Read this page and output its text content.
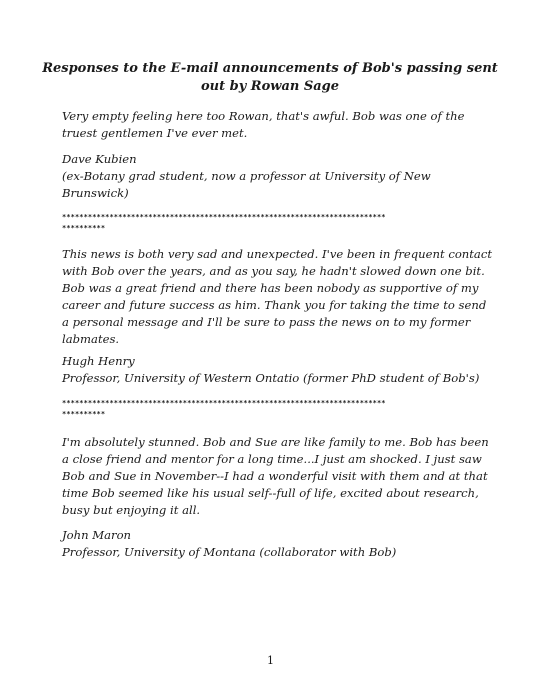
Responses to the E-mail announcements of Bob's passing sent
out by Rowan Sage
Very empty feeling here too Rowan, that's awful. Bob was one of the
truest gentlemen I've ever met.
Dave Kubien
(ex-Botany grad student, now a professor at University of New
Brunswick)
***************************************************************************
**********
This news is both very sad and unexpected. I've been in frequent contact
with Bob over the years, and as you say, he hadn't slowed down one bit.
Bob was a great friend and there has been nobody as supportive of my
career and future success as him. Thank you for taking the time to send
a personal message and I'll be sure to pass the news on to my former
labmates.
Hugh Henry
Professor, University of Western Ontatio (former PhD student of Bob's)
***************************************************************************
**********
I'm absolutely stunned. Bob and Sue are like family to me. Bob has been
a close friend and mentor for a long time...I just am shocked. I just saw
Bob and Sue in November--I had a wonderful visit with them and at that
time Bob seemed like his usual self--full of life, excited about research,
busy but enjoying it all.
John Maron
Professor, University of Montana (collaborator with Bob)
1
